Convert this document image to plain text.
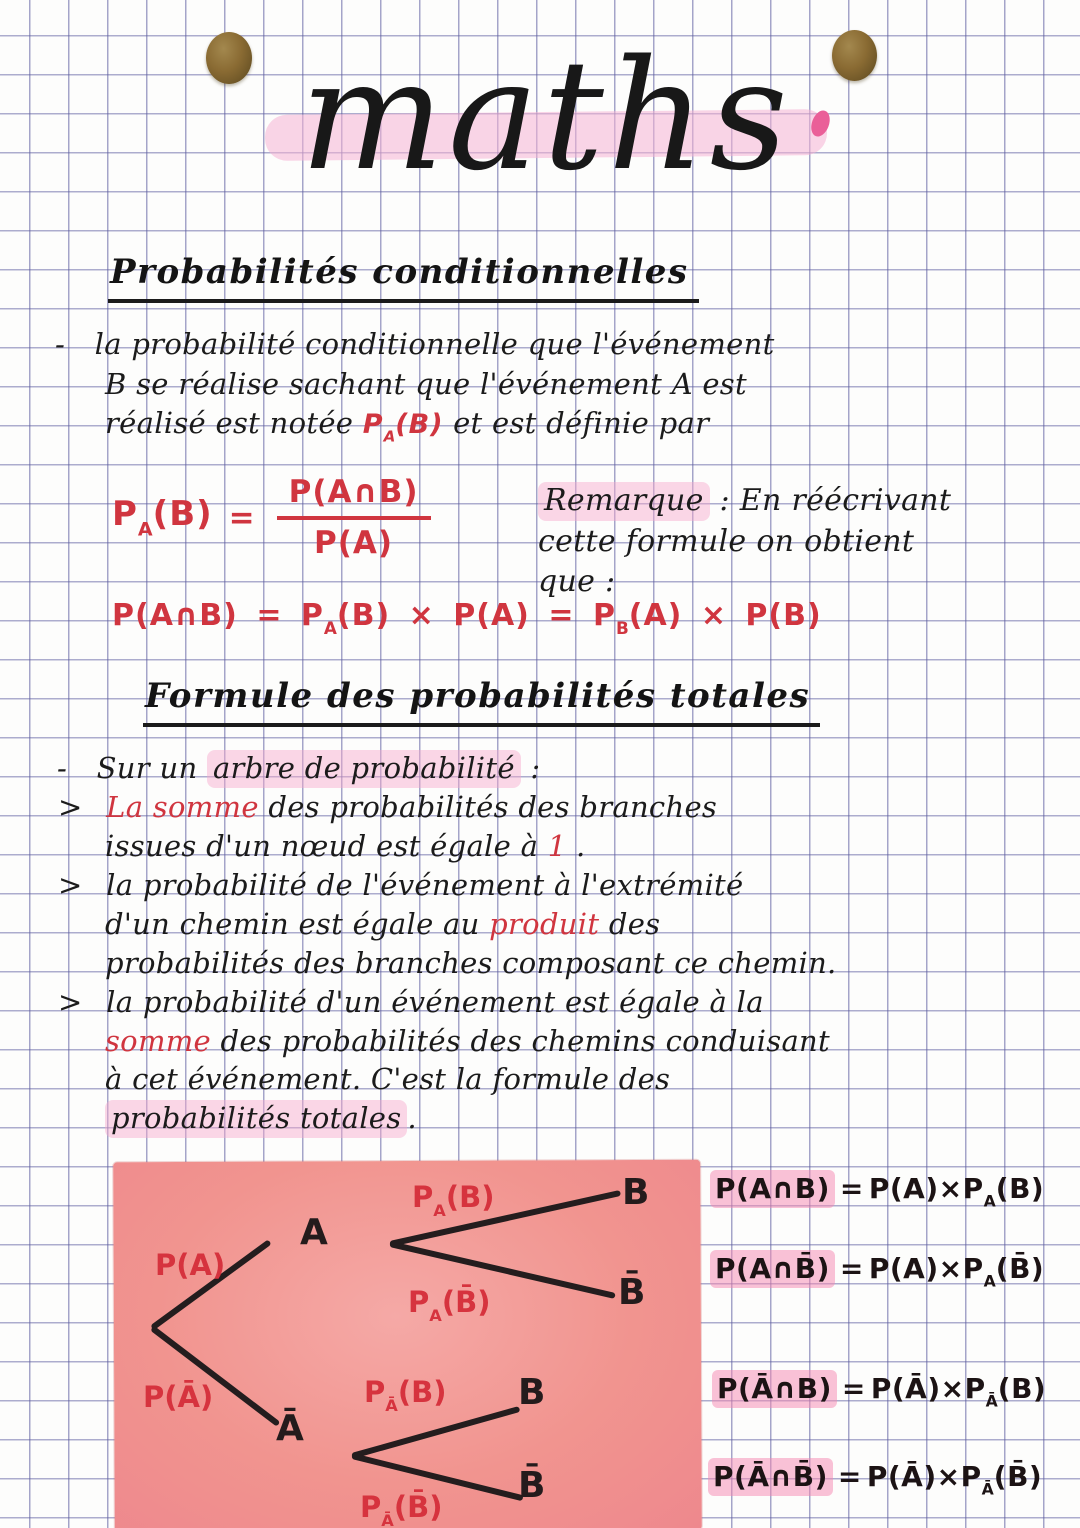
maths
Probabilités conditionnelles
- la probabilité conditionnelle que l'événement
B se réalise sachant que l'événement A est
réalisé est notée $P_A(B)$ et est définie par
$P_A(B) = \frac{P(A\cap B)}{P(A)}$	Remarque : En réécrivant
cette formule on obtient
que :
P(A∩B) = $P_A(B) \times P(A) = P_B(A) \times P(B)$
Formule des probabilités totales
- Sur un arbre de probabilité :
> La somme des probabilités des branches
issues d'un nœud est égale à 1 .
> la probabilité de l'événement à l'extrémité
d'un chemin est égale au produit des
probabilités des branches composant ce chemin.
> la probabilité d'un événement est égale à la
somme des probabilités des chemins conduisant
à cet événement. C'est la formule des
probabilités totales .
P(A)
P(Ā)
$P_A(B)$
$P_A(B̄)$
$P_Ā(B)$
$P_Ā(B̄)$
A
Ā
B
B̄
B
B̄
P(A∩B) = $P(A)\times P_A(B)$
P(A∩B̄) = $P(A)\times P_A(B̄)$
P(Ā∩B) = $P(Ā)\times P_Ā(B)$
P(Ā∩B̄) = $P(Ā)\times P_Ā(B̄)$
